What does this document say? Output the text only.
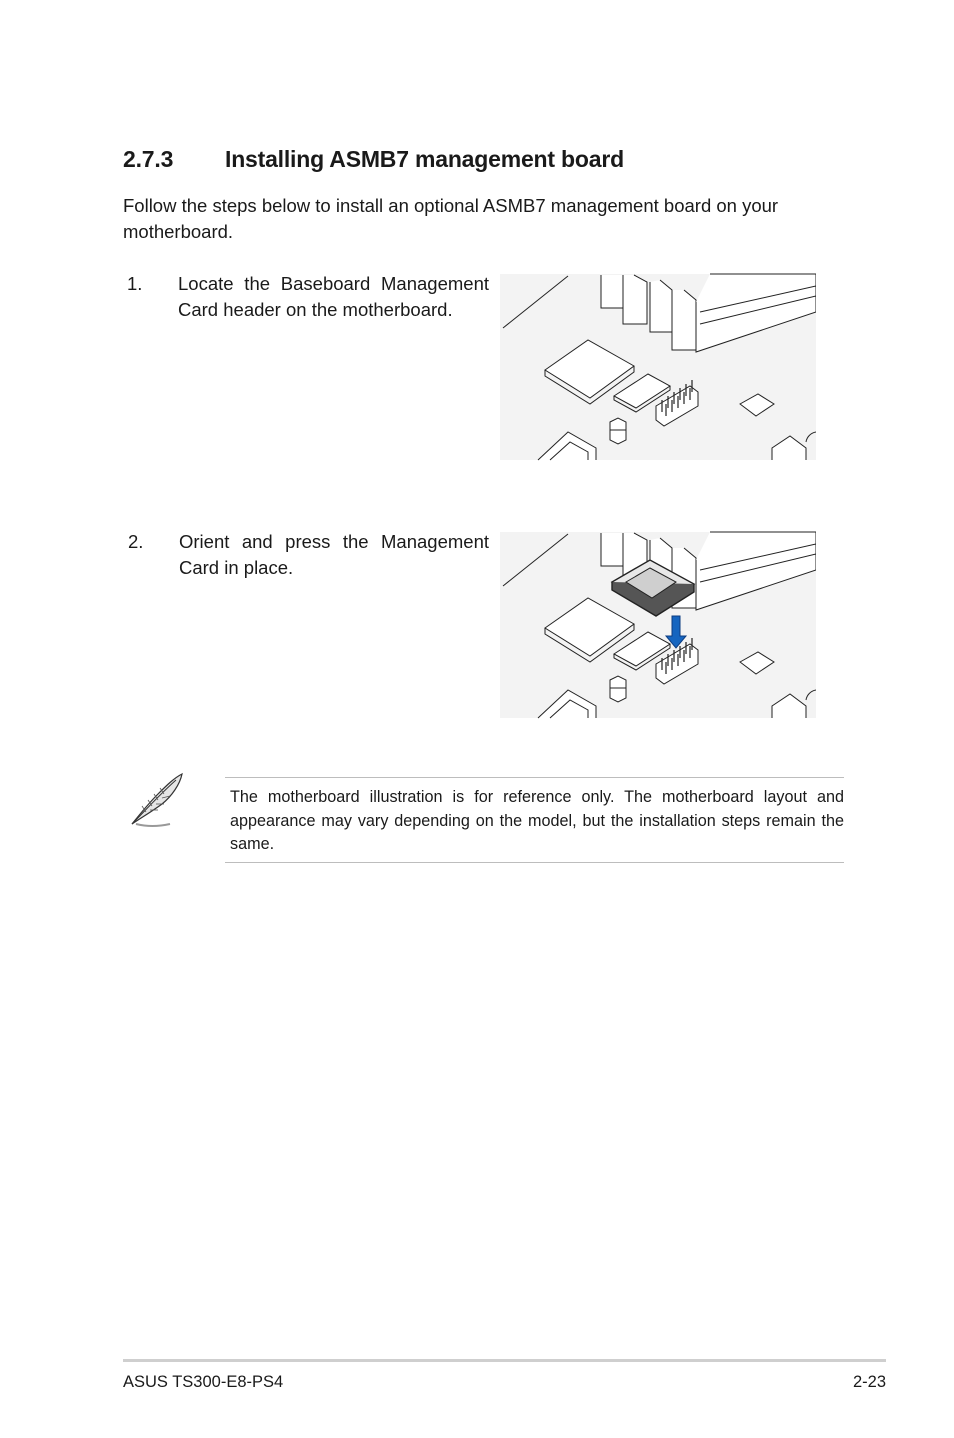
2.7.3 Installing ASMB7 management board
Follow the steps below to install an optional ASMB7 management board on your motherboard.
1. Locate the Baseboard Management Card header on the motherboard.
2. Orient and press the Management Card in place.
The motherboard illustration is for reference only. The motherboard layout and appearance may vary depending on the model, but the installation steps remain the same.
ASUS TS300-E8-PS4	2-23
